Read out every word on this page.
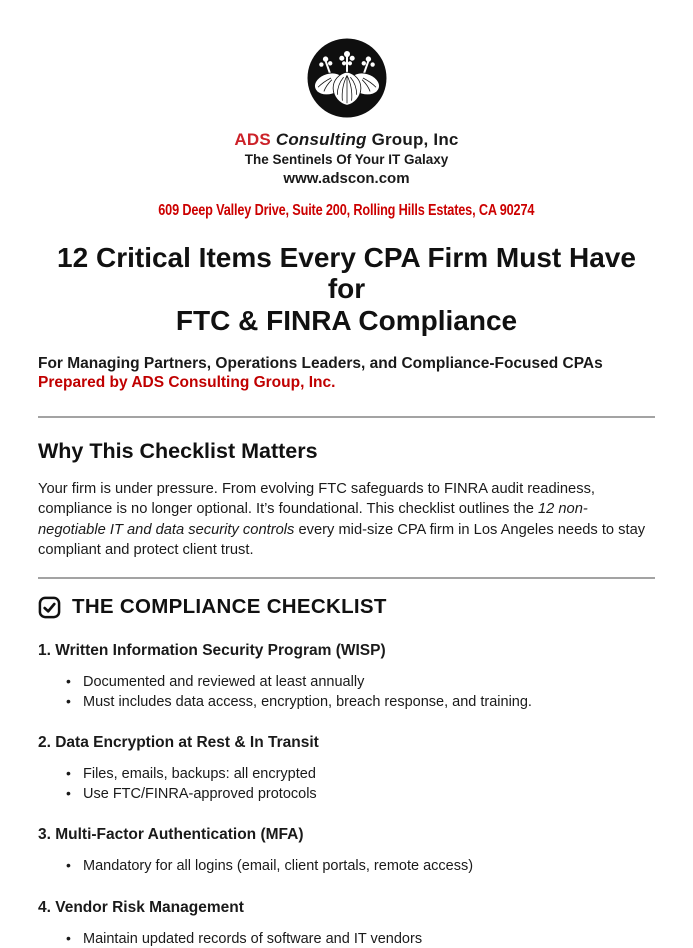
ADS Consulting Group, Inc
The Sentinels Of Your IT Galaxy
www.adscon.com
609 Deep Valley Drive, Suite 200, Rolling Hills Estates, CA 90274
12 Critical Items Every CPA Firm Must Have for
FTC & FINRA Compliance
For Managing Partners, Operations Leaders, and Compliance-Focused CPAs
Prepared by ADS Consulting Group, Inc.
Why This Checklist Matters
Your firm is under pressure. From evolving FTC safeguards to FINRA audit readiness, compliance is no longer optional. It’s foundational. This checklist outlines the 12 non-negotiable IT and data security controls every mid-size CPA firm in Los Angeles needs to stay compliant and protect client trust.
THE COMPLIANCE CHECKLIST
1. Written Information Security Program (WISP)
• Documented and reviewed at least annually
• Must includes data access, encryption, breach response, and training.
2. Data Encryption at Rest & In Transit
• Files, emails, backups: all encrypted
• Use FTC/FINRA-approved protocols
3. Multi-Factor Authentication (MFA)
• Mandatory for all logins (email, client portals, remote access)
4. Vendor Risk Management
• Maintain updated records of software and IT vendors
